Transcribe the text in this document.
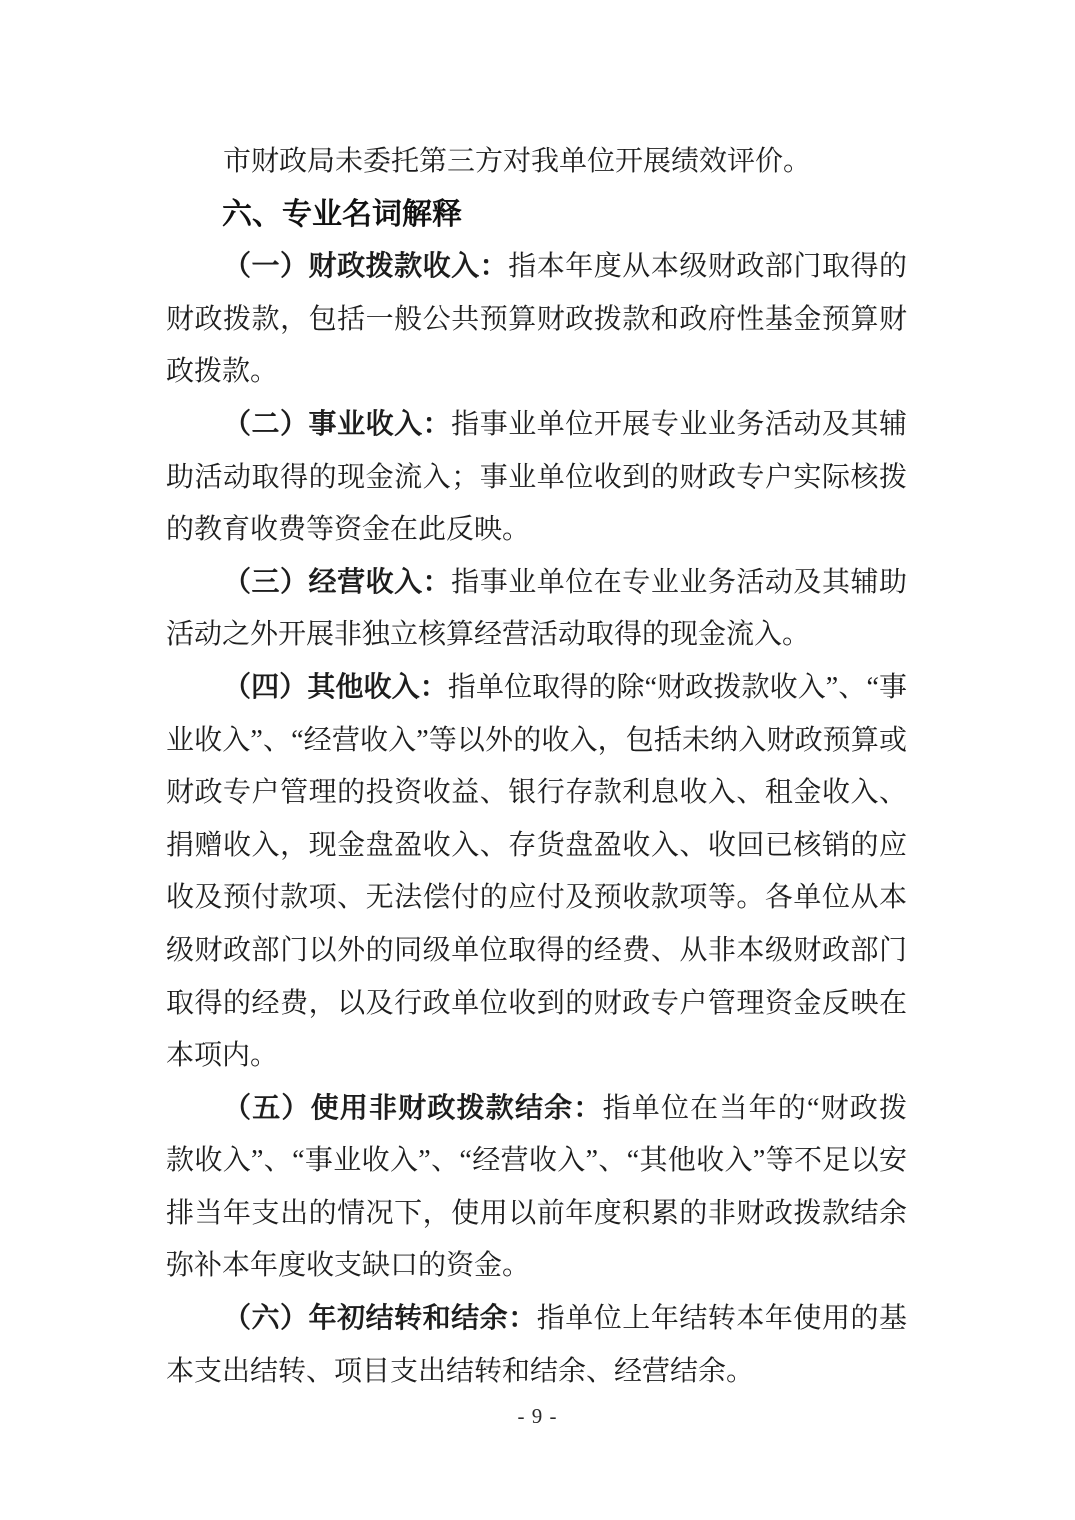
市财政局未委托第三方对我单位开展绩效评价。

六、专业名词解释

（一）财政拨款收入：指本年度从本级财政部门取得的财政拨款，包括一般公共预算财政拨款和政府性基金预算财政拨款。

（二）事业收入：指事业单位开展专业业务活动及其辅助活动取得的现金流入；事业单位收到的财政专户实际核拨的教育收费等资金在此反映。

（三）经营收入：指事业单位在专业业务活动及其辅助活动之外开展非独立核算经营活动取得的现金流入。

（四）其他收入：指单位取得的除“财政拨款收入”、“事业收入”、“经营收入”等以外的收入，包括未纳入财政预算或财政专户管理的投资收益、银行存款利息收入、租金收入、捐赠收入，现金盘盈收入、存货盘盈收入、收回已核销的应收及预付款项、无法偿付的应付及预收款项等。各单位从本级财政部门以外的同级单位取得的经费、从非本级财政部门取得的经费，以及行政单位收到的财政专户管理资金反映在本项内。

（五）使用非财政拨款结余：指单位在当年的“财政拨款收入”、“事业收入”、“经营收入”、“其他收入”等不足以安排当年支出的情况下，使用以前年度积累的非财政拨款结余弥补本年度收支缺口的资金。

（六）年初结转和结余：指单位上年结转本年使用的基本支出结转、项目支出结转和结余、经营结余。

- 9 -
